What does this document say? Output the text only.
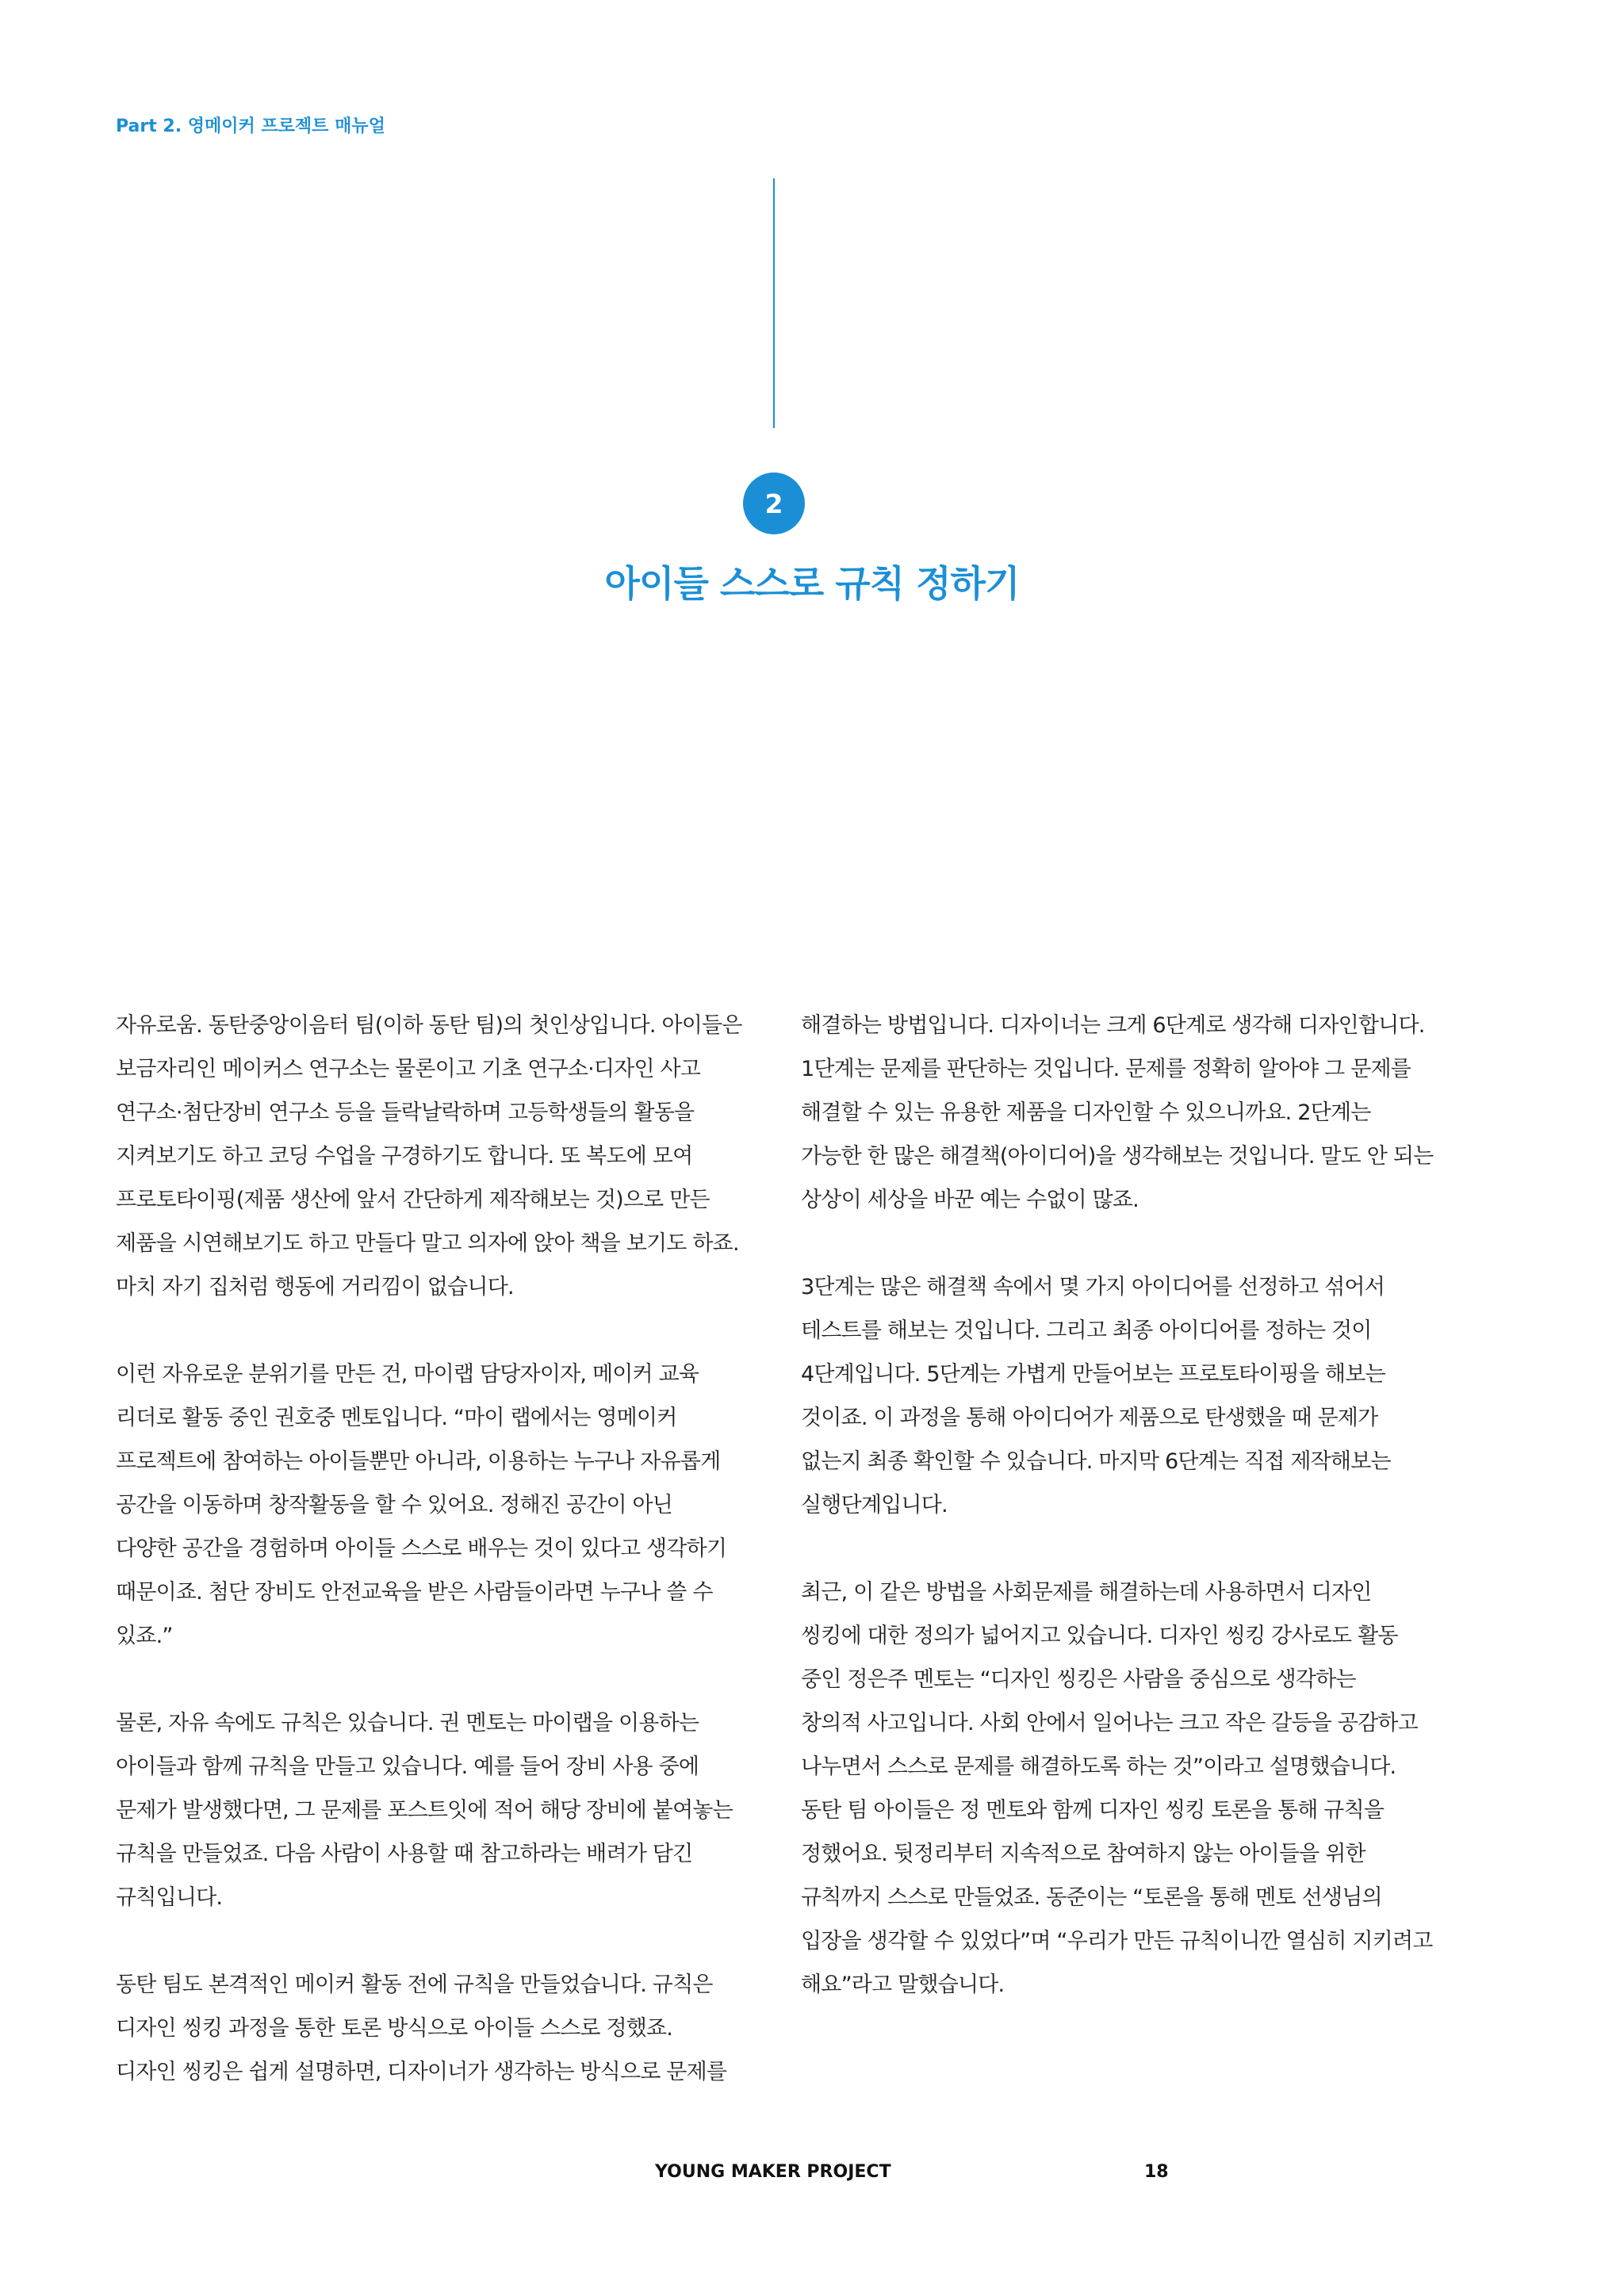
Part 2. 영메이커 프로젝트 매뉴얼
2
아이들 스스로 규칙 정하기
자유로움. 동탄중앙이음터 팀(이하 동탄 팀)의 첫인상입니다. 아이들은
보금자리인 메이커스 연구소는 물론이고 기초 연구소·디자인 사고
연구소·첨단장비 연구소 등을 들락날락하며 고등학생들의 활동을
지켜보기도 하고 코딩 수업을 구경하기도 합니다. 또 복도에 모여
프로토타이핑(제품 생산에 앞서 간단하게 제작해보는 것)으로 만든
제품을 시연해보기도 하고 만들다 말고 의자에 앉아 책을 보기도 하죠.
마치 자기 집처럼 행동에 거리낌이 없습니다.
이런 자유로운 분위기를 만든 건, 마이랩 담당자이자, 메이커 교육
리더로 활동 중인 권호중 멘토입니다. “마이 랩에서는 영메이커
프로젝트에 참여하는 아이들뿐만 아니라, 이용하는 누구나 자유롭게
공간을 이동하며 창작활동을 할 수 있어요. 정해진 공간이 아닌
다양한 공간을 경험하며 아이들 스스로 배우는 것이 있다고 생각하기
때문이죠. 첨단 장비도 안전교육을 받은 사람들이라면 누구나 쓸 수
있죠.”
물론, 자유 속에도 규칙은 있습니다. 권 멘토는 마이랩을 이용하는
아이들과 함께 규칙을 만들고 있습니다. 예를 들어 장비 사용 중에
문제가 발생했다면, 그 문제를 포스트잇에 적어 해당 장비에 붙여놓는
규칙을 만들었죠. 다음 사람이 사용할 때 참고하라는 배려가 담긴
규칙입니다.
동탄 팀도 본격적인 메이커 활동 전에 규칙을 만들었습니다. 규칙은
디자인 씽킹 과정을 통한 토론 방식으로 아이들 스스로 정했죠.
디자인 씽킹은 쉽게 설명하면, 디자이너가 생각하는 방식으로 문제를
해결하는 방법입니다. 디자이너는 크게 6단계로 생각해 디자인합니다.
1단계는 문제를 판단하는 것입니다. 문제를 정확히 알아야 그 문제를
해결할 수 있는 유용한 제품을 디자인할 수 있으니까요. 2단계는
가능한 한 많은 해결책(아이디어)을 생각해보는 것입니다. 말도 안 되는
상상이 세상을 바꾼 예는 수없이 많죠.
3단계는 많은 해결책 속에서 몇 가지 아이디어를 선정하고 섞어서
테스트를 해보는 것입니다. 그리고 최종 아이디어를 정하는 것이
4단계입니다. 5단계는 가볍게 만들어보는 프로토타이핑을 해보는
것이죠. 이 과정을 통해 아이디어가 제품으로 탄생했을 때 문제가
없는지 최종 확인할 수 있습니다. 마지막 6단계는 직접 제작해보는
실행단계입니다.
최근, 이 같은 방법을 사회문제를 해결하는데 사용하면서 디자인
씽킹에 대한 정의가 넓어지고 있습니다. 디자인 씽킹 강사로도 활동
중인 정은주 멘토는 “디자인 씽킹은 사람을 중심으로 생각하는
창의적 사고입니다. 사회 안에서 일어나는 크고 작은 갈등을 공감하고
나누면서 스스로 문제를 해결하도록 하는 것”이라고 설명했습니다.
동탄 팀 아이들은 정 멘토와 함께 디자인 씽킹 토론을 통해 규칙을
정했어요. 뒷정리부터 지속적으로 참여하지 않는 아이들을 위한
규칙까지 스스로 만들었죠. 동준이는 “토론을 통해 멘토 선생님의
입장을 생각할 수 있었다”며 “우리가 만든 규칙이니깐 열심히 지키려고
해요”라고 말했습니다.
YOUNG MAKER PROJECT	18
